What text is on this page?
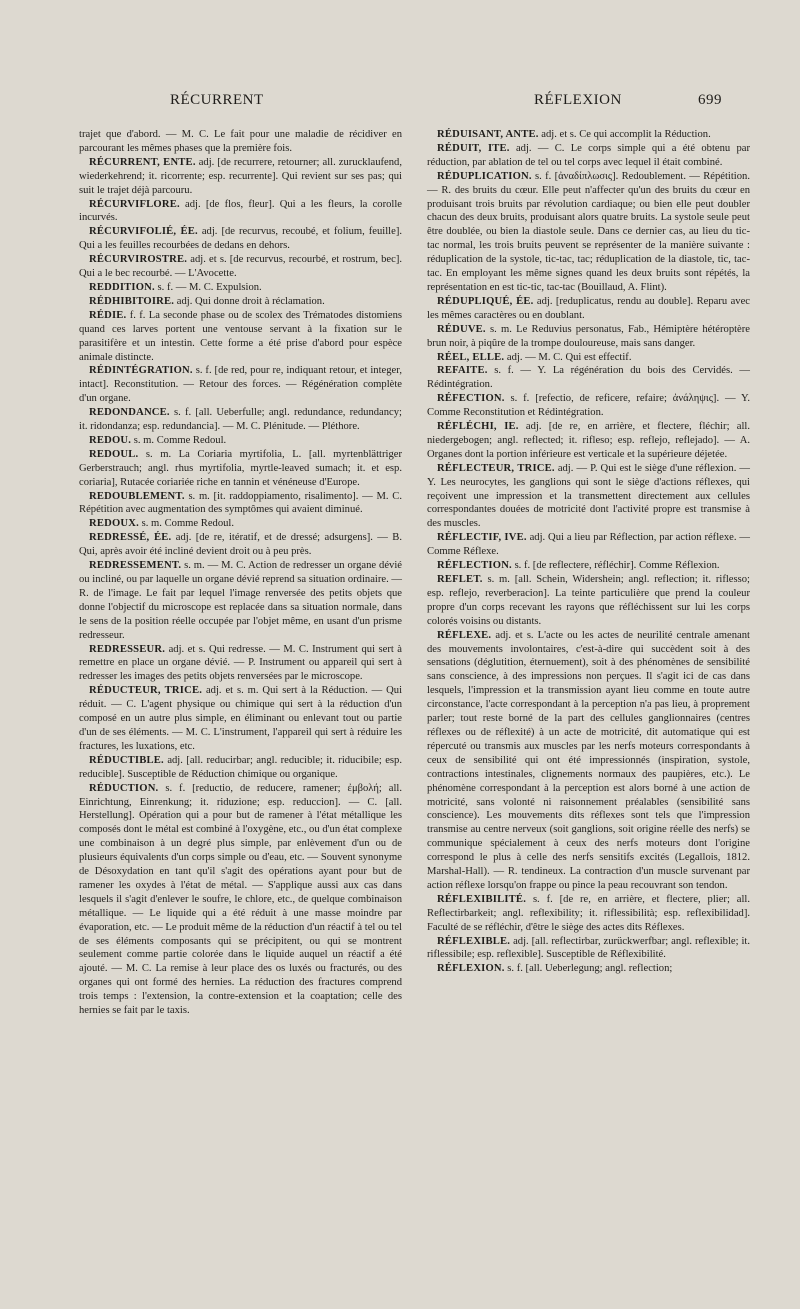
RÉCURRENT	RÉFLEXION	699

trajet que d'abord. — M. C. Le fait pour une maladie de récidiver en parcourant les mêmes phases que la première fois.

RÉCURRENT, ENTE. adj. [de recurrere, retourner; all. zurucklaufend, wiederkehrend; it. ricorrente; esp. recurrente]. Qui revient sur ses pas; qui suit le trajet déjà parcouru.

RÉCURVIFLORE. adj. [de flos, fleur]. Qui a les fleurs, la corolle incurvés.

RÉCURVIFOLIÉ, ÉE. adj. [de recurvus, recoubé, et folium, feuille]. Qui a les feuilles recourbées de dedans en dehors.

RÉCURVIROSTRE. adj. et s. [de recurvus, recourbé, et rostrum, bec]. Qui a le bec recourbé. — L'Avocette.

REDDITION. s. f. — M. C. Expulsion.

RÉDHIBITOIRE. adj. Qui donne droit à réclamation.

RÉDIE. f. f. La seconde phase ou de scolex des Trématodes distomiens quand ces larves portent une ventouse servant à la fixation sur le parasitifère et un intestin. Cette forme a été prise d'abord pour espèce animale distincte.

RÉDINTÉGRATION. s. f. [de red, pour re, indiquant retour, et integer, intact]. Reconstitution. — Retour des forces. — Régénération complète d'un organe.

REDONDANCE. s. f. [all. Ueberfulle; angl. redundance, redundancy; it. ridondanza; esp. redundancia]. — M. C. Plénitude. — Pléthore.

REDOU. s. m. Comme Redoul.

REDOUL. s. m. La Coriaria myrtifolia, L. [all. myrtenblättriger Gerberstrauch; angl. rhus myrtifolia, myrtle-leaved sumach; it. et esp. coriaria], Rutacée coriariée riche en tannin et vénéneuse d'Europe.

REDOUBLEMENT. s. m. [it. raddoppiamento, risalimento]. — M. C. Répétition avec augmentation des symptômes qui avaient diminué.

REDOUX. s. m. Comme Redoul.

REDRESSÉ, ÉE. adj. [de re, itératif, et de dressé; adsurgens]. — B. Qui, après avoir été incliné devient droit ou à peu près.

REDRESSEMENT. s. m. — M. C. Action de redresser un organe dévié ou incliné, ou par laquelle un organe dévié reprend sa situation ordinaire. — R. de l'image. Le fait par lequel l'image renversée des petits objets que donne l'objectif du microscope est replacée dans sa situation normale, dans le sens de la position réelle occupée par l'objet même, en usant d'un prisme redresseur.

REDRESSEUR. adj. et s. Qui redresse. — M. C. Instrument qui sert à remettre en place un organe dévié. — P. Instrument ou appareil qui sert à redresser les images des petits objets renversées par le microscope.

RÉDUCTEUR, TRICE. adj. et s. m. Qui sert à la Réduction. — Qui réduit. — C. L'agent physique ou chimique qui sert à la réduction d'un composé en un autre plus simple, en éliminant ou enlevant tout ou partie d'un de ses éléments. — M. C. L'instrument, l'appareil qui sert à réduire les fractures, les luxations, etc.

RÉDUCTIBLE. adj. [all. reducirbar; angl. reducible; it. riducibile; esp. reducible]. Susceptible de Réduction chimique ou organique.

RÉDUCTION. s. f. [reductio, de reducere, ramener; ἐμβολή; all. Einrichtung, Einrenkung; it. riduzione; esp. reduccion]. — C. [all. Herstellung]. Opération qui a pour but de ramener à l'état métallique les composés dont le métal est combiné à l'oxygène, etc., ou d'un état complexe une combinaison à un degré plus simple, par enlèvement d'un ou de plusieurs équivalents d'un corps simple ou d'eau, etc. — Souvent synonyme de Désoxydation en tant qu'il s'agit des opérations ayant pour but de ramener les oxydes à l'état de métal. — S'applique aussi aux cas dans lesquels il s'agit d'enlever le soufre, le chlore, etc., de quelque combinaison métallique. — Le liquide qui a été réduit à une masse moindre par évaporation, etc. — Le produit même de la réduction d'un réactif à tel ou tel de ses éléments composants qui se précipitent, ou qui se montrent seulement comme partie colorée dans le liquide auquel un réactif a été ajouté. — M. C. La remise à leur place des os luxés ou fracturés, ou des organes qui ont formé des hernies. La réduction des fractures comprend trois temps : l'extension, la contre-extension et la coaptation; celle des hernies se fait par le taxis.

RÉDUISANT, ANTE. adj. et s. Ce qui accomplit la Réduction.

RÉDUIT, ITE. adj. — C. Le corps simple qui a été obtenu par réduction, par ablation de tel ou tel corps avec lequel il était combiné.

RÉDUPLICATION. s. f. [ἀναδίπλωσις]. Redoublement. — Répétition. — R. des bruits du cœur. Elle peut n'affecter qu'un des bruits du cœur en produisant trois bruits par révolution cardiaque; ou bien elle peut doubler chacun des deux bruits, produisant alors quatre bruits. La systole seule peut être doublée, ou bien la diastole seule. Dans ce dernier cas, au lieu du tic-tac normal, les trois bruits peuvent se représenter de la manière suivante : réduplication de la systole, tic-tac, tac; réduplication de la diastole, tic, tac-tac. En employant les même signes quand les deux bruits sont répétés, la représentation en est tic-tic, tac-tac (Bouillaud, A. Flint).

RÉDUPLIQUÉ, ÉE. adj. [reduplicatus, rendu au double]. Reparu avec les mêmes caractères ou en doublant.

RÉDUVE. s. m. Le Reduvius personatus, Fab., Hémiptère hétéroptère brun noir, à piqûre de la trompe douloureuse, mais sans danger.

RÉEL, ELLE. adj. — M. C. Qui est effectif.

REFAITE. s. f. — Y. La régénération du bois des Cervidés. — Rédintégration.

RÉFECTION. s. f. [refectio, de reficere, refaire; ἀνάληψις]. — Y. Comme Reconstitution et Rédintégration.

RÉFLÉCHI, IE. adj. [de re, en arrière, et flectere, fléchir; all. niedergebogen; angl. reflected; it. rifleso; esp. reflejo, reflejado]. — A. Organes dont la portion inférieure est verticale et la supérieure déjetée.

RÉFLECTEUR, TRICE. adj. — P. Qui est le siège d'une réflexion. — Y. Les neurocytes, les ganglions qui sont le siège d'actions réflexes, qui reçoivent une impression et la transmettent directement aux cellules correspondantes douées de motricité dont l'activité propre est transmise à des muscles.

RÉFLECTIF, IVE. adj. Qui a lieu par Réflection, par action réflexe. — Comme Réflexe.

RÉFLECTION. s. f. [de reflectere, réfléchir]. Comme Réflexion.

REFLET. s. m. [all. Schein, Widershein; angl. reflection; it. riflesso; esp. reflejo, reverberacion]. La teinte particulière que prend la couleur propre d'un corps recevant les rayons que réfléchissent sur lui les corps colorés voisins ou distants.

RÉFLEXE. adj. et s. L'acte ou les actes de neurilité centrale amenant des mouvements involontaires, c'est-à-dire qui succèdent soit à des sensations (déglutition, éternuement), soit à des phénomènes de sensibilité sans conscience, à des impressions non perçues. Il s'agit ici de cas dans lesquels, l'impression et la transmission ayant lieu comme en toute autre circonstance, l'acte correspondant à la perception n'a pas lieu, à proprement parler; tout reste borné de la part des cellules ganglionnaires (centres réflexes ou de réflexité) à un acte de motricité, dit automatique qui est répercuté ou transmis aux muscles par les nerfs moteurs correspondants à ceux de sensibilité qui ont été impressionnés (inspiration, systole, contractions intestinales, clignements normaux des paupières, etc.). Le phénomène correspondant à la perception est alors borné à une action de motricité, sans volonté ni raisonnement préalables (sensibilité sans conscience). Les mouvements dits réflexes sont tels que l'impression transmise au centre nerveux (soit ganglions, soit origine réelle des nerfs) se communique spécialement à ceux des nerfs moteurs dont l'origine correspond le plus à celle des nerfs sensitifs excités (Legallois, 1812. Marshal-Hall). — R. tendineux. La contraction d'un muscle survenant par action réflexe lorsqu'on frappe ou pince la peau recouvrant son tendon.

RÉFLEXIBILITÉ. s. f. [de re, en arrière, et flectere, plier; all. Reflectirbarkeit; angl. reflexibility; it. riflessibilità; esp. reflexibilidad]. Faculté de se réfléchir, d'être le siège des actes dits Réflexes.

RÉFLEXIBLE. adj. [all. reflectirbar, zurückwerfbar; angl. reflexible; it. riflessibile; esp. reflexible]. Susceptible de Réflexibilité.

RÉFLEXION. s. f. [all. Ueberlegung; angl. reflection;
